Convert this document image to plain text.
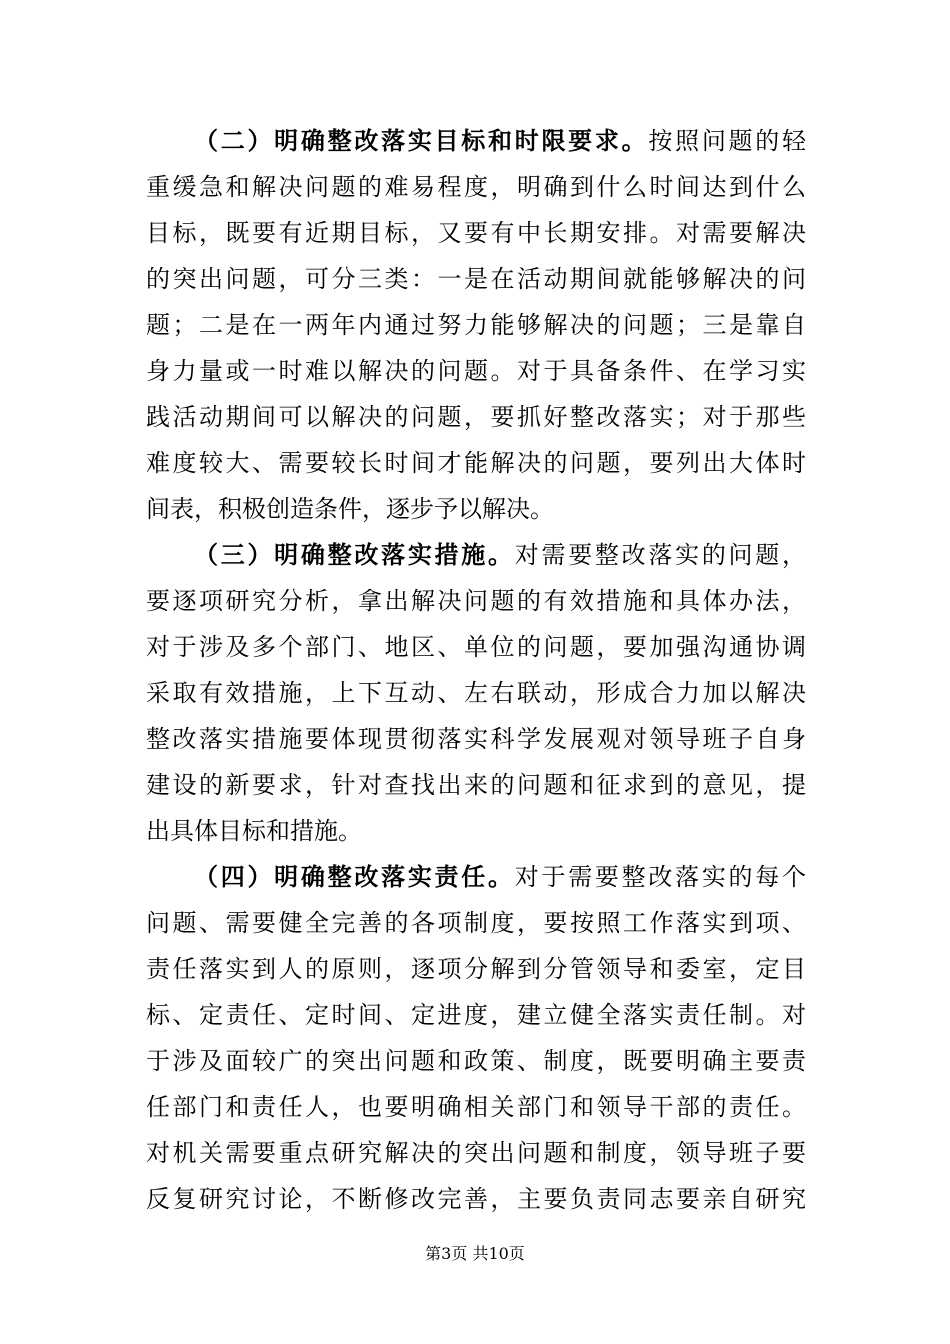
（二）明确整改落实目标和时限要求。按照问题的轻
重缓急和解决问题的难易程度，明确到什么时间达到什么
目标，既要有近期目标，又要有中长期安排。对需要解决
的突出问题，可分三类：一是在活动期间就能够解决的问
题；二是在一两年内通过努力能够解决的问题；三是靠自
身力量或一时难以解决的问题。对于具备条件、在学习实
践活动期间可以解决的问题，要抓好整改落实；对于那些
难度较大、需要较长时间才能解决的问题，要列出大体时
间表，积极创造条件，逐步予以解决。
（三）明确整改落实措施。对需要整改落实的问题，
要逐项研究分析，拿出解决问题的有效措施和具体办法，
对于涉及多个部门、地区、单位的问题，要加强沟通协调
采取有效措施，上下互动、左右联动，形成合力加以解决
整改落实措施要体现贯彻落实科学发展观对领导班子自身
建设的新要求，针对查找出来的问题和征求到的意见，提
出具体目标和措施。
（四）明确整改落实责任。对于需要整改落实的每个
问题、需要健全完善的各项制度，要按照工作落实到项、
责任落实到人的原则，逐项分解到分管领导和委室，定目
标、定责任、定时间、定进度，建立健全落实责任制。对
于涉及面较广的突出问题和政策、制度，既要明确主要责
任部门和责任人，也要明确相关部门和领导干部的责任。
对机关需要重点研究解决的突出问题和制度，领导班子要
反复研究讨论，不断修改完善，主要负责同志要亲自研究
第3页 共10页
